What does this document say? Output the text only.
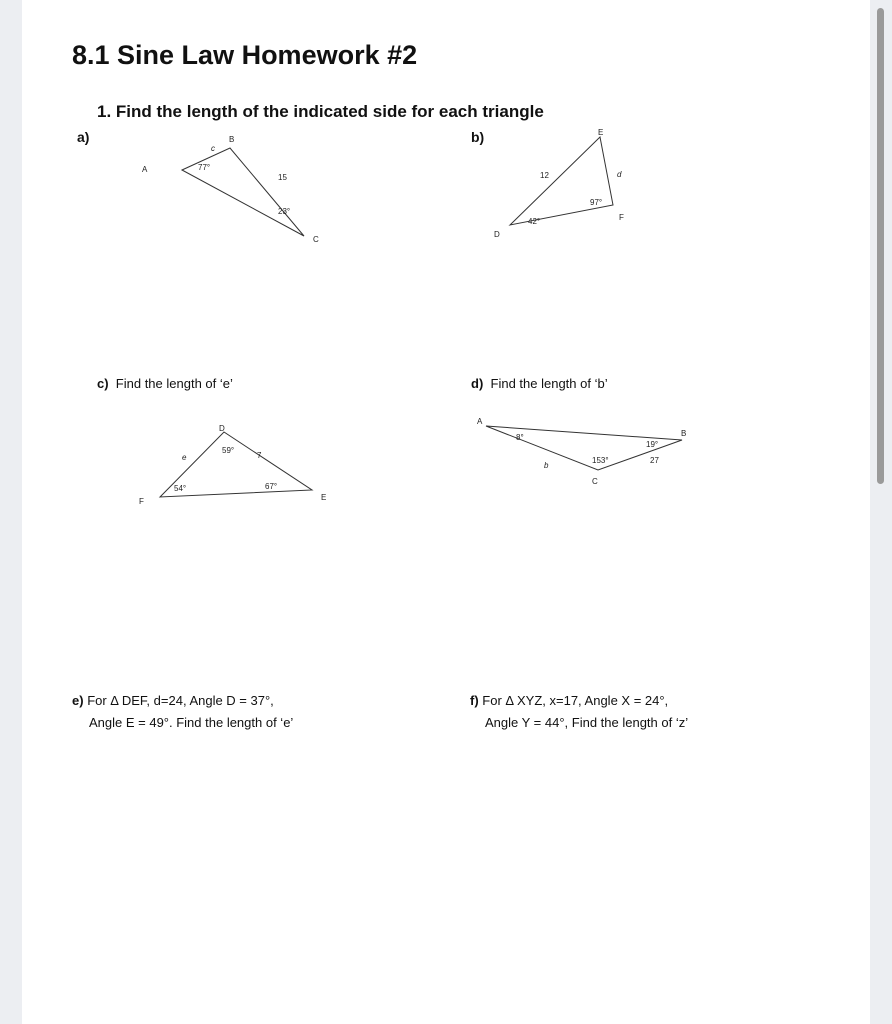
8.1 Sine Law Homework #2

1. Find the length of the indicated side for each triangle

a)
A
B
C
c
15
77°
23°
b)
D
E
F
12	d
42°
97°
c) Find the length of ‘e’
D
F	E
e	7
59°
54°	67°
d) Find the length of ‘b’
A
B
C
b
27
8°
19°
153°
e) For Δ DEF, d=24, Angle D = 37°,
Angle E = 49°. Find the length of ‘e’
f) For Δ XYZ, x=17, Angle X = 24°,
Angle Y = 44°, Find the length of ‘z’
